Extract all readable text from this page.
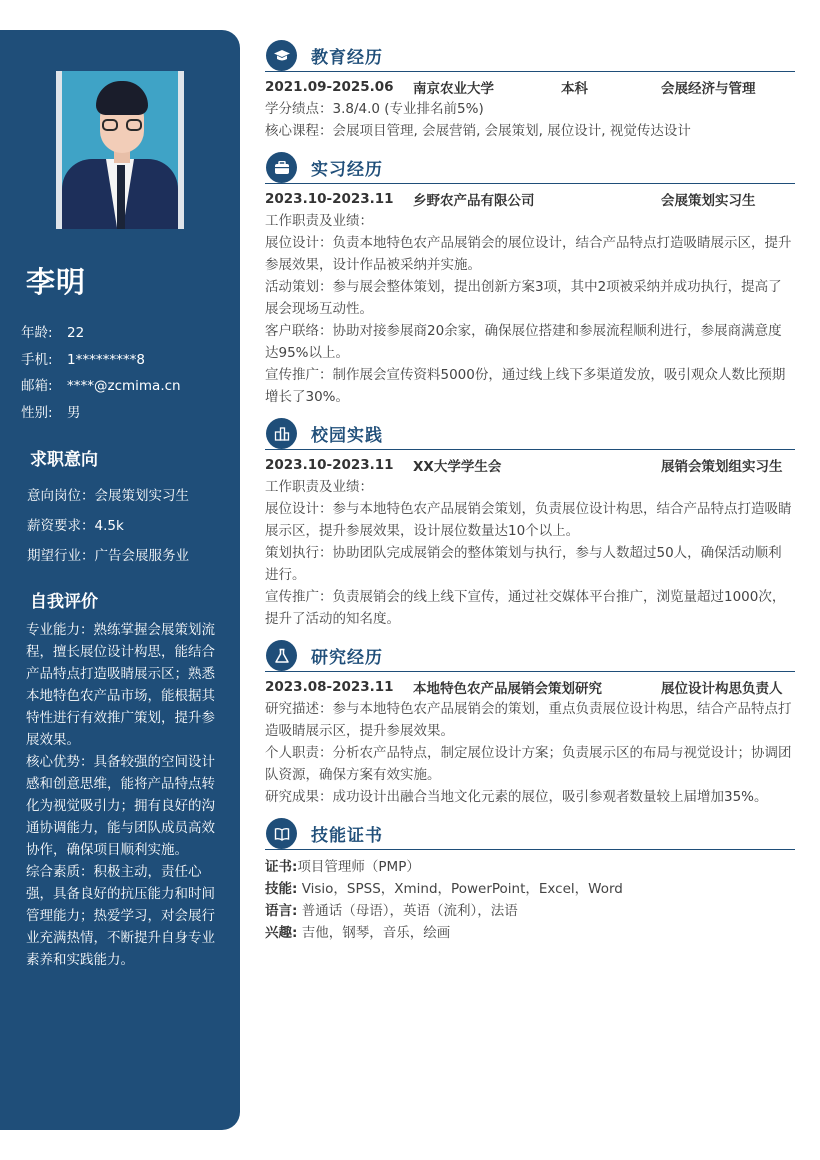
李明
年龄: 22
手机: 1*********8
邮箱: ****@zcmima.cn
性别: 男
求职意向
意向岗位：会展策划实习生
薪资要求：4.5k
期望行业：广告会展服务业
自我评价
专业能力：熟练掌握会展策划流程，擅长展位设计构思，能结合产品特点打造吸睛展示区；熟悉本地特色农产品市场，能根据其特性进行有效推广策划，提升参展效果。
核心优势：具备较强的空间设计感和创意思维，能将产品特点转化为视觉吸引力；拥有良好的沟通协调能力，能与团队成员高效协作，确保项目顺利实施。
综合素质：积极主动，责任心强，具备良好的抗压能力和时间管理能力；热爱学习，对会展行业充满热情，不断提升自身专业素养和实践能力。
教育经历
2021.09-2025.06	南京农业大学	本科	会展经济与管理
学分绩点：3.8/4.0 (专业排名前5%)
核心课程：会展项目管理, 会展营销, 会展策划, 展位设计, 视觉传达设计
实习经历
2023.10-2023.11	乡野农产品有限公司	会展策划实习生
工作职责及业绩：
展位设计：负责本地特色农产品展销会的展位设计，结合产品特点打造吸睛展示区，提升参展效果，设计作品被采纳并实施。
活动策划：参与展会整体策划，提出创新方案3项，其中2项被采纳并成功执行，提高了展会现场互动性。
客户联络：协助对接参展商20余家，确保展位搭建和参展流程顺利进行，参展商满意度达95%以上。
宣传推广：制作展会宣传资料5000份，通过线上线下多渠道发放，吸引观众人数比预期增长了30%。
校园实践
2023.10-2023.11	XX大学学生会	展销会策划组实习生
工作职责及业绩：
展位设计：参与本地特色农产品展销会策划，负责展位设计构思，结合产品特点打造吸睛展示区，提升参展效果，设计展位数量达10个以上。
策划执行：协助团队完成展销会的整体策划与执行，参与人数超过50人，确保活动顺利进行。
宣传推广：负责展销会的线上线下宣传，通过社交媒体平台推广，浏览量超过1000次，提升了活动的知名度。
研究经历
2023.08-2023.11	本地特色农产品展销会策划研究	展位设计构思负责人
研究描述：参与本地特色农产品展销会的策划，重点负责展位设计构思，结合产品特点打造吸睛展示区，提升参展效果。
个人职责：分析农产品特点，制定展位设计方案；负责展示区的布局与视觉设计；协调团队资源，确保方案有效实施。
研究成果：成功设计出融合当地文化元素的展位，吸引参观者数量较上届增加35%。
技能证书
证书:项目管理师（PMP）
技能: Visio，SPSS，Xmind，PowerPoint，Excel，Word
语言: 普通话（母语），英语（流利），法语
兴趣: 吉他，钢琴，音乐，绘画
